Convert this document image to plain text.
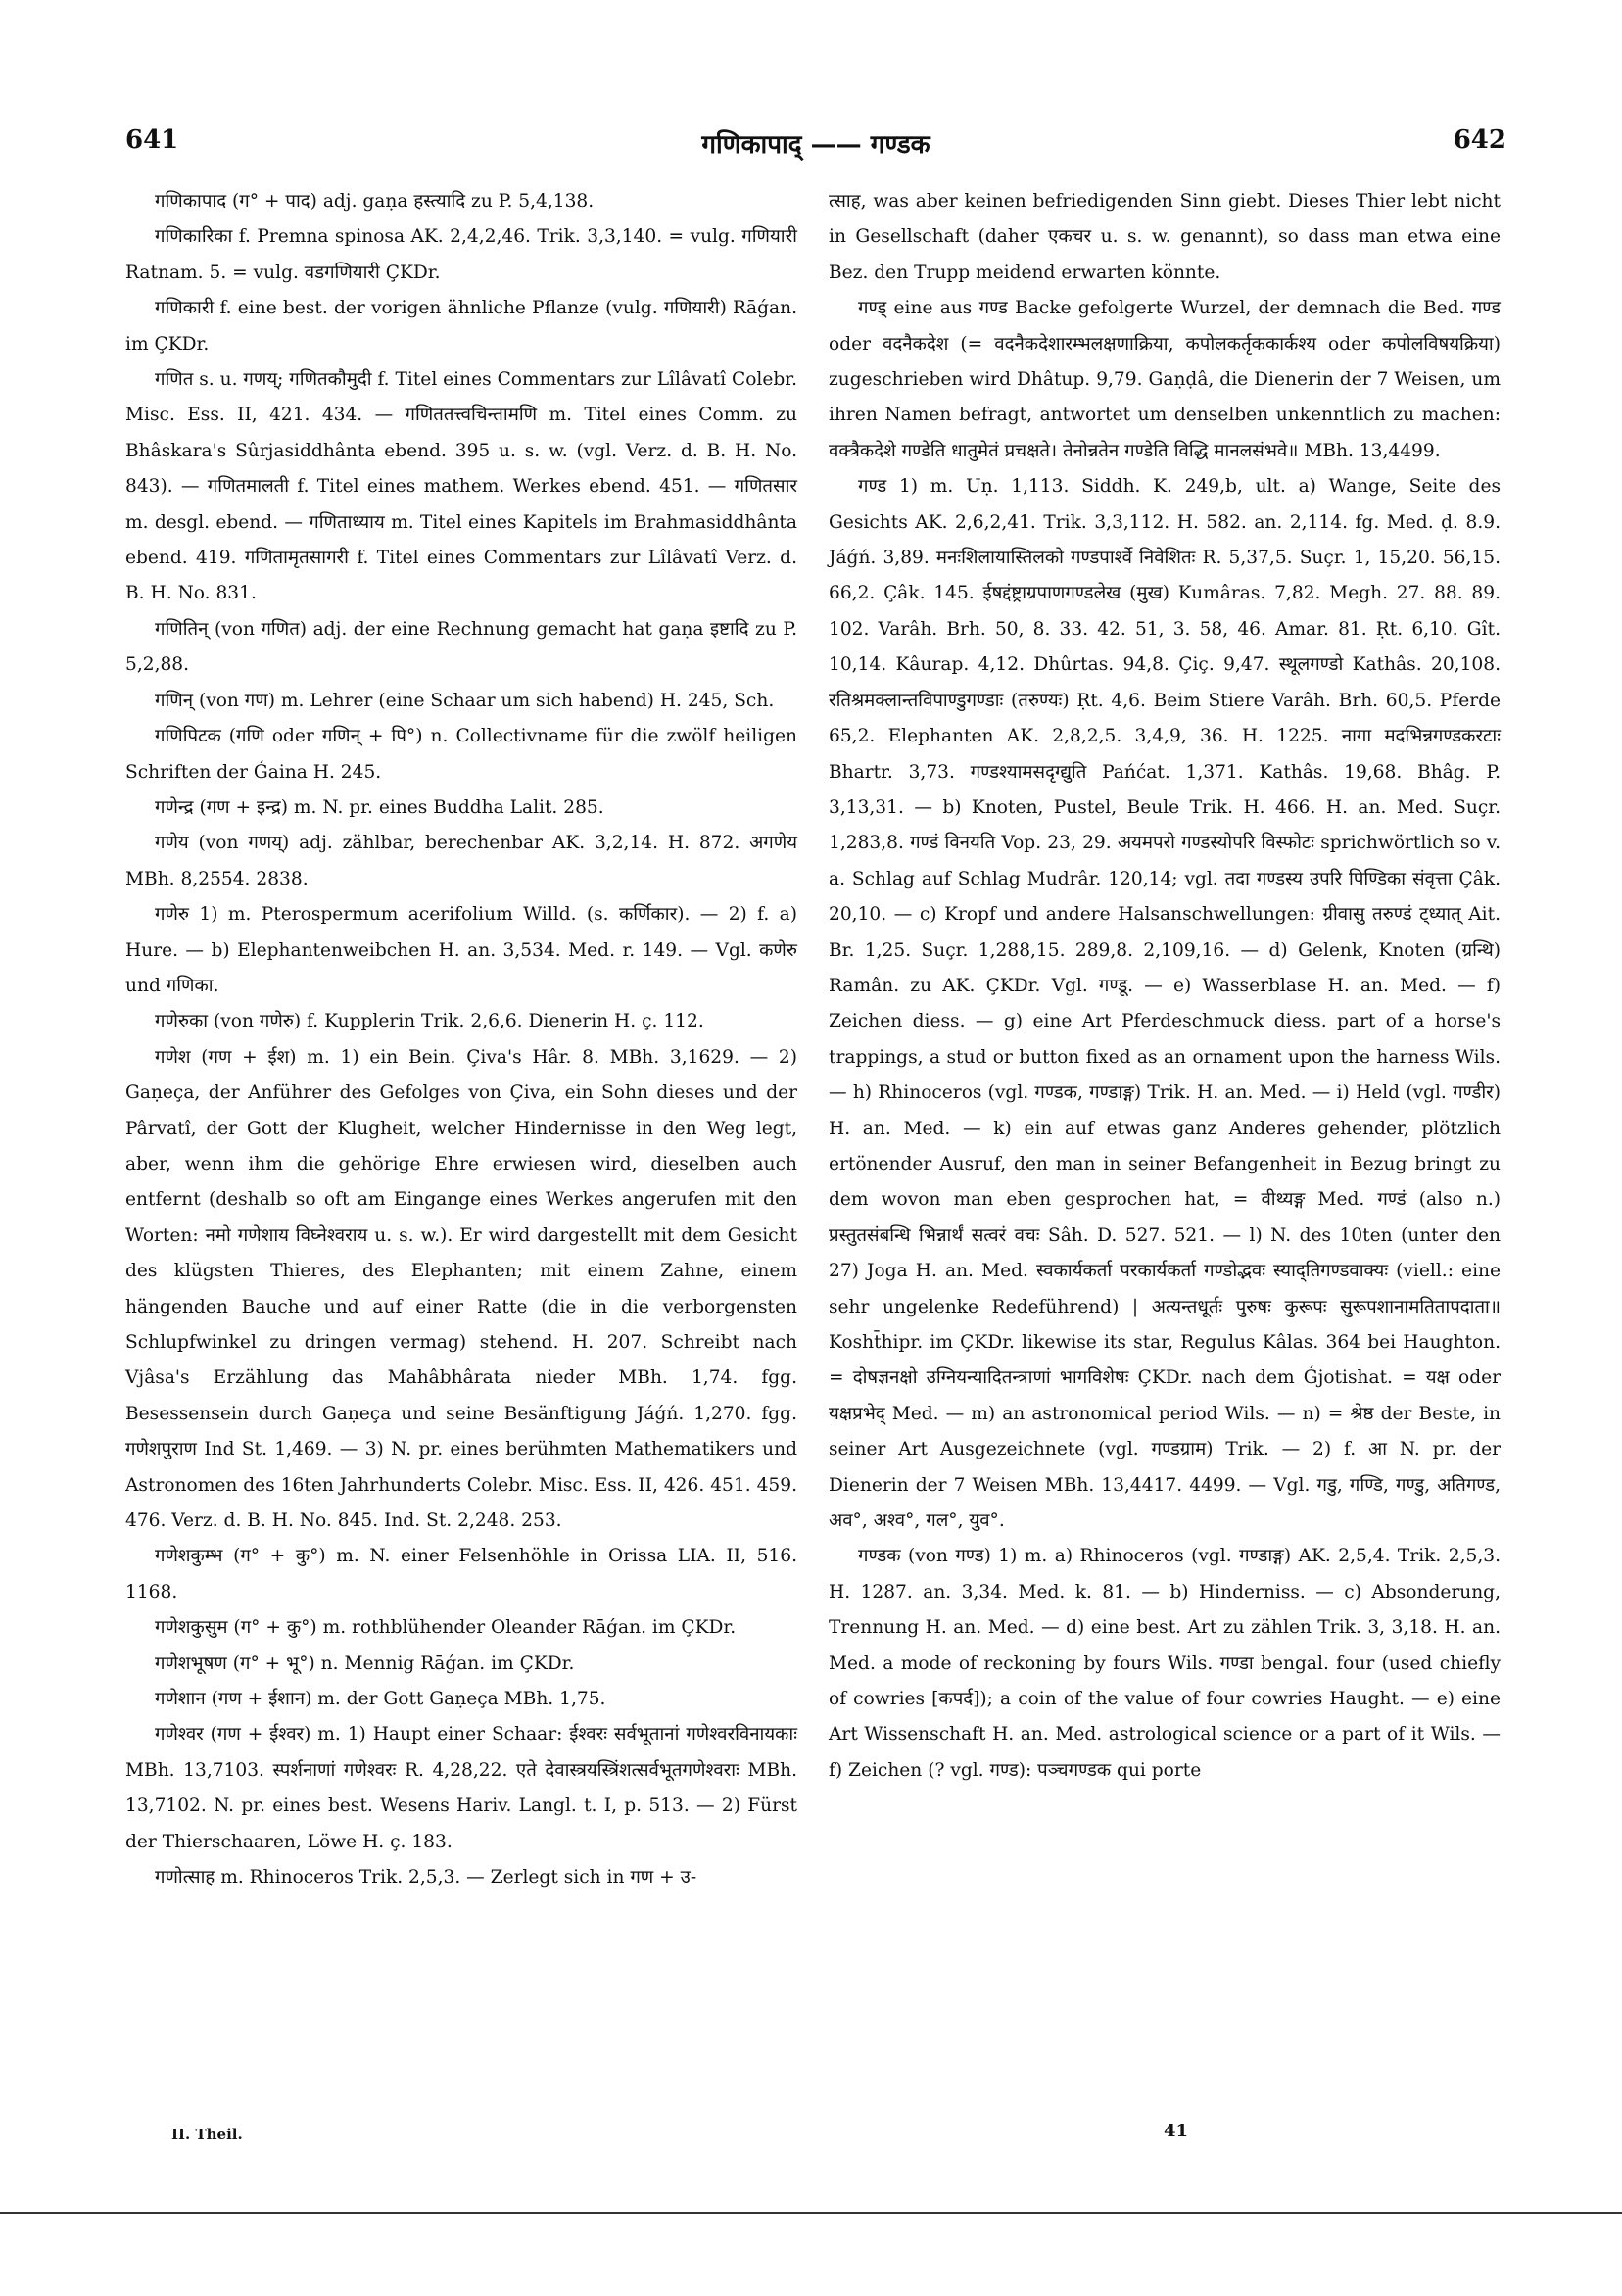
641	गणिकापाद् —— गण्डक	642

गणिकापाद (ग° + पाद) adj. gaṇa हस्त्यादि zu P. 5,4,138.

गणिकारिका f. Premna spinosa AK. 2,4,2,46. Trik. 3,3,140. = vulg. गणियारी Ratnam. 5. = vulg. वडगणियारी ÇKDr.

गणिकारी f. eine best. der vorigen ähnliche Pflanze (vulg. गणियारी) Rāǵan. im ÇKDr.

गणित s. u. गणय्; गणितकौमुदी f. Titel eines Commentars zur Lîlâvatî Colebr. Misc. Ess. II, 421. 434. — गणिततत्त्वचिन्तामणि m. Titel eines Comm. zu Bhâskara's Sûrjasiddhânta ebend. 395 u. s. w. (vgl. Verz. d. B. H. No. 843). — गणितमालती f. Titel eines mathem. Werkes ebend. 451. — गणितसार m. desgl. ebend. — गणिताध्याय m. Titel eines Kapitels im Brahmasiddhânta ebend. 419. गणितामृतसागरी f. Titel eines Commentars zur Lîlâvatî Verz. d. B. H. No. 831.

गणितिन् (von गणित) adj. der eine Rechnung gemacht hat gaṇa इष्टादि zu P. 5,2,88.

गणिन् (von गण) m. Lehrer (eine Schaar um sich habend) H. 245, Sch.

गणिपिटक (गणि oder गणिन् + पि°) n. Collectivname für die zwölf heiligen Schriften der Ǵaina H. 245.

गणेन्द्र (गण + इन्द्र) m. N. pr. eines Buddha Lalit. 285.

गणेय (von गणय्) adj. zählbar, berechenbar AK. 3,2,14. H. 872. अगणेय MBh. 8,2554. 2838.

गणेरु 1) m. Pterospermum acerifolium Willd. (s. कर्णिकार). — 2) f. a) Hure. — b) Elephantenweibchen H. an. 3,534. Med. r. 149. — Vgl. कणेरु und गणिका.

गणेरुका (von गणेरु) f. Kupplerin Trik. 2,6,6. Dienerin H. ç. 112.

गणेश (गण + ईश) m. 1) ein Bein. Çiva's Hâr. 8. MBh. 3,1629. — 2) Gaṇeça, der Anführer des Gefolges von Çiva, ein Sohn dieses und der Pârvatî, der Gott der Klugheit, welcher Hindernisse in den Weg legt, aber, wenn ihm die gehörige Ehre erwiesen wird, dieselben auch entfernt (deshalb so oft am Eingange eines Werkes angerufen mit den Worten: नमो गणेशाय विघ्नेश्वराय u. s. w.). Er wird dargestellt mit dem Gesicht des klügsten Thieres, des Elephanten; mit einem Zahne, einem hängenden Bauche und auf einer Ratte (die in die verborgensten Schlupfwinkel zu dringen vermag) stehend. H. 207. Schreibt nach Vjâsa's Erzählung das Mahâbhârata nieder MBh. 1,74. fgg. Besessensein durch Gaṇeça und seine Besänftigung Jáǵń. 1,270. fgg. गणेशपुराण Ind St. 1,469. — 3) N. pr. eines berühmten Mathematikers und Astronomen des 16ten Jahrhunderts Colebr. Misc. Ess. II, 426. 451. 459. 476. Verz. d. B. H. No. 845. Ind. St. 2,248. 253.

गणेशकुम्भ (ग° + कु°) m. N. einer Felsenhöhle in Orissa LIA. II, 516. 1168.

गणेशकुसुम (ग° + कु°) m. rothblühender Oleander Rāǵan. im ÇKDr.

गणेशभूषण (ग° + भू°) n. Mennig Rāǵan. im ÇKDr.

गणेशान (गण + ईशान) m. der Gott Gaṇeça MBh. 1,75.

गणेश्वर (गण + ईश्वर) m. 1) Haupt einer Schaar: ईश्वरः सर्वभूतानां गणेश्वरविनायकाः MBh. 13,7103. स्पर्शनाणां गणेश्वरः R. 4,28,22. एते देवास्त्रयस्त्रिंशत्सर्वभूतगणेश्वराः MBh. 13,7102. N. pr. eines best. Wesens Hariv. Langl. t. I, p. 513. — 2) Fürst der Thierschaaren, Löwe H. ç. 183.

गणोत्साह m. Rhinoceros Trik. 2,5,3. — Zerlegt sich in गण + उ-

त्साह, was aber keinen befriedigenden Sinn giebt. Dieses Thier lebt nicht in Gesellschaft (daher एकचर u. s. w. genannt), so dass man etwa eine Bez. den Trupp meidend erwarten könnte.

गण्ड् eine aus गण्ड Backe gefolgerte Wurzel, der demnach die Bed. गण्ड oder वदनैकदेश (= वदनैकदेशारम्भलक्षणाक्रिया, कपोलकर्तृककार्कश्य oder कपोलविषयक्रिया) zugeschrieben wird Dhâtup. 9,79. Gaṇḍâ, die Dienerin der 7 Weisen, um ihren Namen befragt, antwortet um denselben unkenntlich zu machen: वक्त्रैकदेशे गण्डेति धातुमेतं प्रचक्षते। तेनोन्नतेन गण्डेति विद्धि मानलसंभवे॥ MBh. 13,4499.

गण्ड 1) m. Uṇ. 1,113. Siddh. K. 249,b, ult. a) Wange, Seite des Gesichts AK. 2,6,2,41. Trik. 3,3,112. H. 582. an. 2,114. fg. Med. ḍ. 8.9. Jáǵń. 3,89. मनःशिलायास्तिलको गण्डपार्श्वे निवेशितः R. 5,37,5. Suçr. 1, 15,20. 56,15. 66,2. Çâk. 145. ईषद्दंष्ट्राग्रपाणगण्डलेख (मुख) Kumâras. 7,82. Megh. 27. 88. 89. 102. Varâh. Brh. 50, 8. 33. 42. 51, 3. 58, 46. Amar. 81. Ṛt. 6,10. Gît. 10,14. Kâurap. 4,12. Dhûrtas. 94,8. Çiç. 9,47. स्थूलगण्डो Kathâs. 20,108. रतिश्रमक्लान्तविपाण्डुगण्डाः (तरुण्यः) Ṛt. 4,6. Beim Stiere Varâh. Brh. 60,5. Pferde 65,2. Elephanten AK. 2,8,2,5. 3,4,9, 36. H. 1225. नागा मदभिन्नगण्डकरटाः Bhartr. 3,73. गण्डश्यामसदृग्द्युति Pańćat. 1,371. Kathâs. 19,68. Bhâg. P. 3,13,31. — b) Knoten, Pustel, Beule Trik. H. 466. H. an. Med. Suçr. 1,283,8. गण्डं विनयति Vop. 23, 29. अयमपरो गण्डस्योपरि विस्फोटः sprichwörtlich so v. a. Schlag auf Schlag Mudrâr. 120,14; vgl. तदा गण्डस्य उपरि पिण्डिका संवृत्ता Çâk. 20,10. — c) Kropf und andere Halsanschwellungen: ग्रीवासु तरुण्डं ट्ध्यात् Ait. Br. 1,25. Suçr. 1,288,15. 289,8. 2,109,16. — d) Gelenk, Knoten (ग्रन्थि) Ramân. zu AK. ÇKDr. Vgl. गण्डू. — e) Wasserblase H. an. Med. — f) Zeichen diess. — g) eine Art Pferdeschmuck diess. part of a horse's trappings, a stud or button fixed as an ornament upon the harness Wils. — h) Rhinoceros (vgl. गण्डक, गण्डाङ्ग) Trik. H. an. Med. — i) Held (vgl. गण्डीर) H. an. Med. — k) ein auf etwas ganz Anderes gehender, plötzlich ertönender Ausruf, den man in seiner Befangenheit in Bezug bringt zu dem wovon man eben gesprochen hat, = वीथ्यङ्ग Med. गण्डं (also n.) प्रस्तुतसंबन्धि भिन्नार्थं सत्वरं वचः Sâh. D. 527. 521. — l) N. des 10ten (unter den 27) Joga H. an. Med. स्वकार्यकर्ता परकार्यकर्ता गण्डोद्भवः स्याद्तिगण्डवाक्यः (viell.: eine sehr ungelenke Redeführend) | अत्यन्तधूर्तः पुरुषः कुरूपः सुरूपशानामतितापदाता॥ Kosht̄hipr. im ÇKDr. likewise its star, Regulus Kâlas. 364 bei Haughton. = दोषज्ञनक्षो उग्नियन्यादितन्त्राणां भागविशेषः ÇKDr. nach dem Ǵjotishat. = यक्ष oder यक्षप्रभेद् Med. — m) an astronomical period Wils. — n) = श्रेष्ठ der Beste, in seiner Art Ausgezeichnete (vgl. गण्डग्राम) Trik. — 2) f. आ N. pr. der Dienerin der 7 Weisen MBh. 13,4417. 4499. — Vgl. गडु, गण्डि, गण्डु, अतिगण्ड, अव°, अश्व°, गल°, युव°.

गण्डक (von गण्ड) 1) m. a) Rhinoceros (vgl. गण्डाङ्ग) AK. 2,5,4. Trik. 2,5,3. H. 1287. an. 3,34. Med. k. 81. — b) Hinderniss. — c) Absonderung, Trennung H. an. Med. — d) eine best. Art zu zählen Trik. 3, 3,18. H. an. Med. a mode of reckoning by fours Wils. गण्डा bengal. four (used chiefly of cowries [कपर्द]); a coin of the value of four cowries Haught. — e) eine Art Wissenschaft H. an. Med. astrological science or a part of it Wils. — f) Zeichen (? vgl. गण्ड): पञ्चगण्डक qui porte

II. Theil.	41
